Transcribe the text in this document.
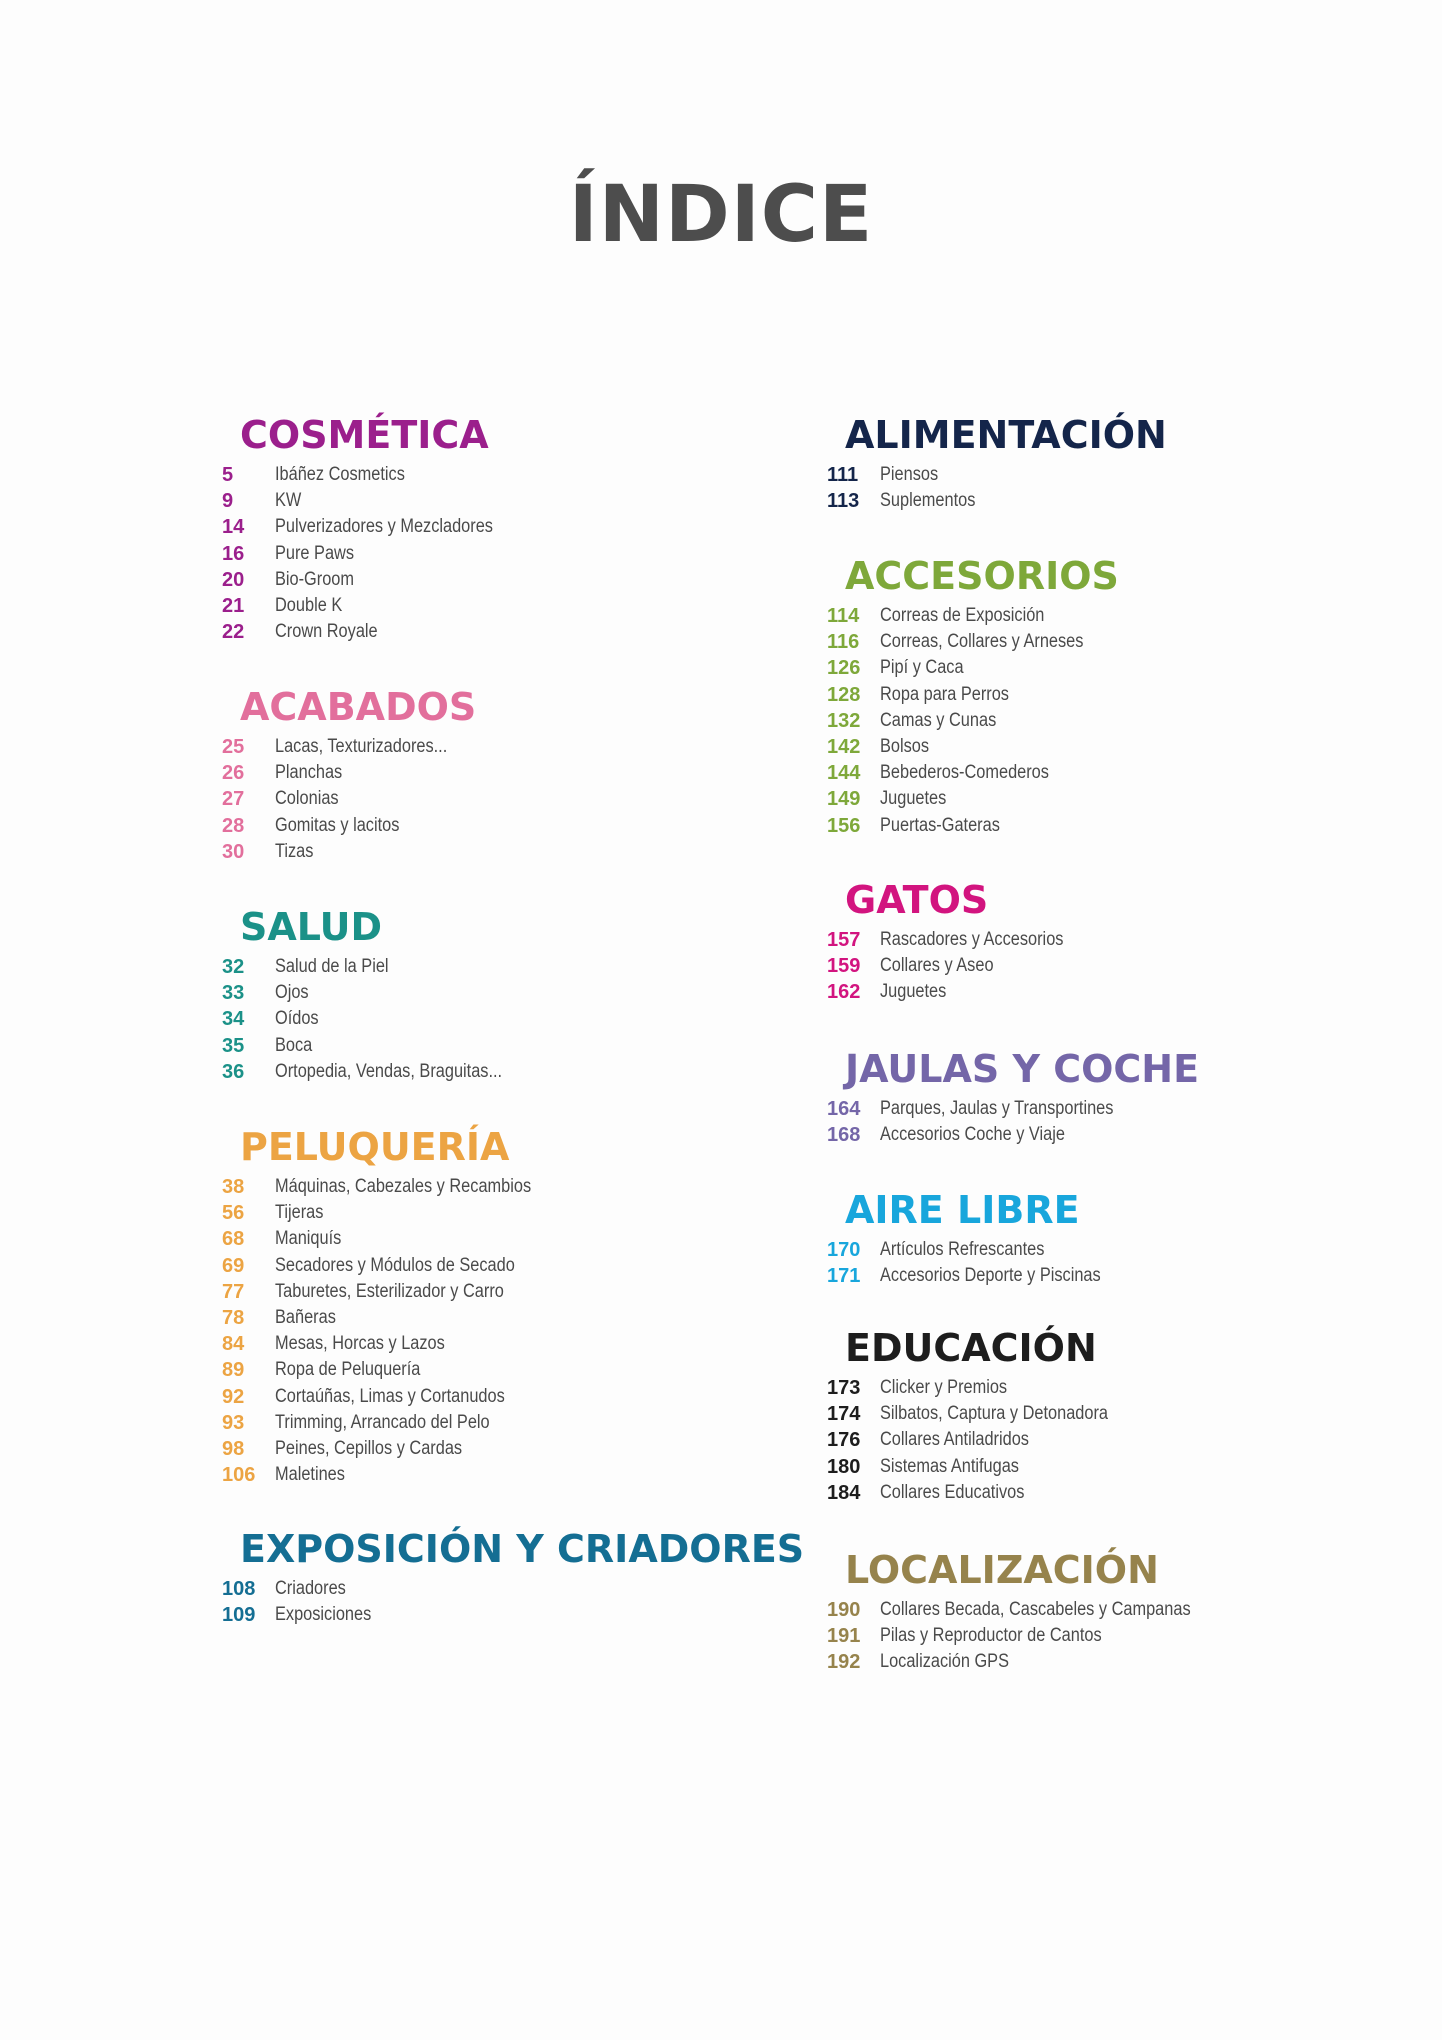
ÍNDICE
COSMÉTICA
5	Ibáñez Cosmetics
9	KW
14	Pulverizadores y Mezcladores
16	Pure Paws
20	Bio-Groom
21	Double K
22	Crown Royale
ACABADOS
25	Lacas, Texturizadores...
26	Planchas
27	Colonias
28	Gomitas y lacitos
30	Tizas
SALUD
32	Salud de la Piel
33	Ojos
34	Oídos
35	Boca
36	Ortopedia, Vendas, Braguitas...
PELUQUERÍA
38	Máquinas, Cabezales y Recambios
56	Tijeras
68	Maniquís
69	Secadores y Módulos de Secado
77	Taburetes, Esterilizador y Carro
78	Bañeras
84	Mesas, Horcas y Lazos
89	Ropa de Peluquería
92	Cortaúñas, Limas y Cortanudos
93	Trimming, Arrancado del Pelo
98	Peines, Cepillos y Cardas
106	Maletines
EXPOSICIÓN Y CRIADORES
108	Criadores
109	Exposiciones
ALIMENTACIÓN
111	Piensos
113	Suplementos
ACCESORIOS
114	Correas de Exposición
116	Correas, Collares y Arneses
126	Pipí y Caca
128	Ropa para Perros
132	Camas y Cunas
142	Bolsos
144	Bebederos-Comederos
149	Juguetes
156	Puertas-Gateras
GATOS
157	Rascadores y Accesorios
159	Collares y Aseo
162	Juguetes
JAULAS Y COCHE
164	Parques, Jaulas y Transportines
168	Accesorios Coche y Viaje
AIRE LIBRE
170	Artículos Refrescantes
171	Accesorios Deporte y Piscinas
EDUCACIÓN
173	Clicker y Premios
174	Silbatos, Captura y Detonadora
176	Collares Antiladridos
180	Sistemas Antifugas
184	Collares Educativos
LOCALIZACIÓN
190	Collares Becada, Cascabeles y Campanas
191	Pilas y Reproductor de Cantos
192	Localización GPS
